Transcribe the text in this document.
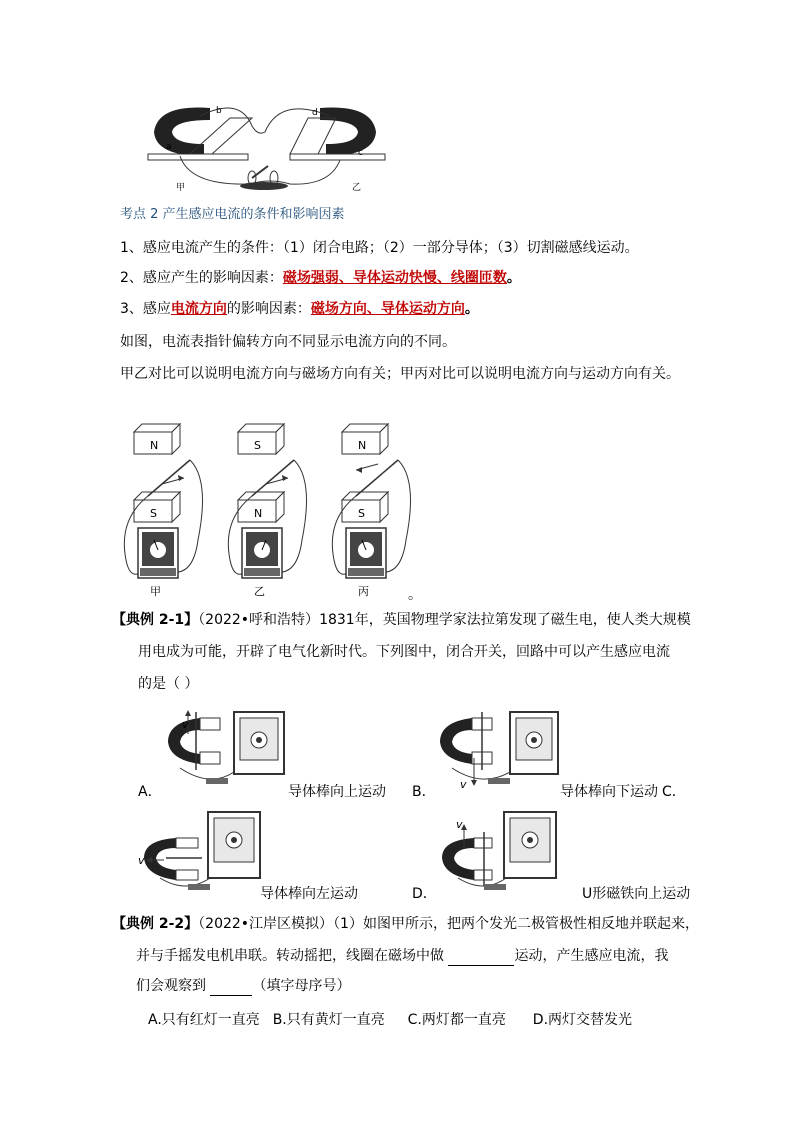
b
a
d
c
甲	乙
考点 2 产生感应电流的条件和影响因素
1、感应电流产生的条件：（1）闭合电路；（2）一部分导体；（3）切割磁感线运动。
2、感应产生的影响因素：磁场强弱、导体运动快慢、线圈匝数。
3、感应电流方向的影响因素：磁场方向、导体运动方向。
如图，电流表指针偏转方向不同显示电流方向的不同。
甲乙对比可以说明电流方向与磁场方向有关；甲丙对比可以说明电流方向与运动方向有关。
N
S
甲
S
N
乙
N
S
丙	。
【典例 2-1】（2022•呼和浩特）1831年，英国物理学家法拉第发现了磁生电，使人类大规模
用电成为可能，开辟了电气化新时代。下列图中，闭合开关，回路中可以产生感应电流
的是（ ）
v
A．	导体棒向上运动	v
B．	导体棒向下运动 C．
v
导体棒向左运动
v
D．	U形磁铁向上运动
【典例 2-2】（2022•江岸区模拟）（1）如图甲所示，把两个发光二极管极性相反地并联起来，
并与手摇发电机串联。转动摇把，线圈在磁场中做	运动，产生感应电流，我
们会观察到	（填字母序号）
A.只有红灯一直亮 B.只有黄灯一直亮 C.两灯都一直亮 D.两灯交替发光
